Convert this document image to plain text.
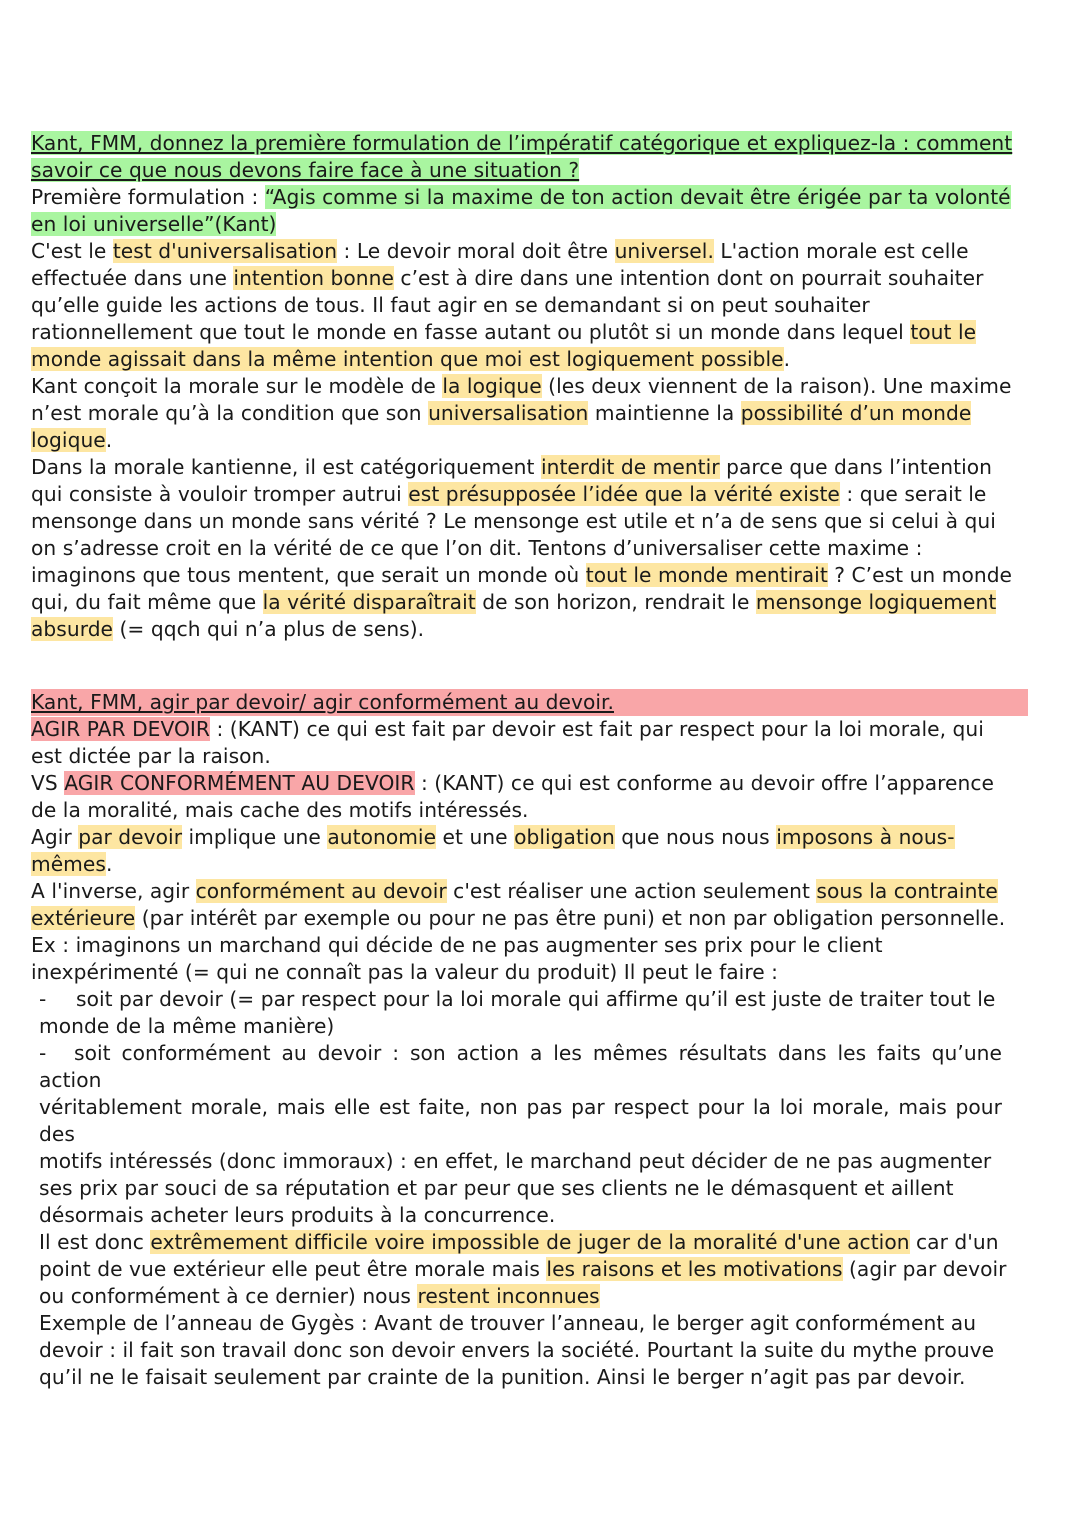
Kant, FMM, donnez la première formulation de l’impératif catégorique et expliquez-la : comment
savoir ce que nous devons faire face à une situation ?
Première formulation : “Agis comme si la maxime de ton action devait être érigée par ta volonté
en loi universelle”(Kant)

C'est le test d'universalisation : Le devoir moral doit être universel. L'action morale est celle
effectuée dans une intention bonne c’est à dire dans une intention dont on pourrait souhaiter
qu’elle guide les actions de tous. Il faut agir en se demandant si on peut souhaiter
rationnellement que tout le monde en fasse autant ou plutôt si un monde dans lequel tout le
monde agissait dans la même intention que moi est logiquement possible.

Kant conçoit la morale sur le modèle de la logique (les deux viennent de la raison). Une maxime
n’est morale qu’à la condition que son universalisation maintienne la possibilité d’un monde
logique.

Dans la morale kantienne, il est catégoriquement interdit de mentir parce que dans l’intention
qui consiste à vouloir tromper autrui est présupposée l’idée que la vérité existe : que serait le
mensonge dans un monde sans vérité ? Le mensonge est utile et n’a de sens que si celui à qui
on s’adresse croit en la vérité de ce que l’on dit. Tentons d’universaliser cette maxime :
imaginons que tous mentent, que serait un monde où tout le monde mentirait ? C’est un monde
qui, du fait même que la vérité disparaîtrait de son horizon, rendrait le mensonge logiquement
absurde (= qqch qui n’a plus de sens).

Kant, FMM, agir par devoir/ agir conformément au devoir.

AGIR PAR DEVOIR : (KANT) ce qui est fait par devoir est fait par respect pour la loi morale, qui
est dictée par la raison.

VS AGIR CONFORMÉMENT AU DEVOIR : (KANT) ce qui est conforme au devoir offre l’apparence
de la moralité, mais cache des motifs intéressés.

Agir par devoir implique une autonomie et une obligation que nous nous imposons à nous-
mêmes.

A l'inverse, agir conformément au devoir c'est réaliser une action seulement sous la contrainte
extérieure (par intérêt par exemple ou pour ne pas être puni) et non par obligation personnelle.
Ex : imaginons un marchand qui décide de ne pas augmenter ses prix pour le client
inexpérimenté (= qui ne connaît pas la valeur du produit) Il peut le faire :

- soit par devoir (= par respect pour la loi morale qui affirme qu’il est juste de traiter tout le
monde de la même manière)

- soit conformément au devoir : son action a les mêmes résultats dans les faits qu’une action
véritablement morale, mais elle est faite, non pas par respect pour la loi morale, mais pour des
motifs intéressés (donc immoraux) : en effet, le marchand peut décider de ne pas augmenter
ses prix par souci de sa réputation et par peur que ses clients ne le démasquent et aillent
désormais acheter leurs produits à la concurrence.

Il est donc extrêmement difficile voire impossible de juger de la moralité d'une action car d'un
point de vue extérieur elle peut être morale mais les raisons et les motivations (agir par devoir
ou conformément à ce dernier) nous restent inconnues

Exemple de l’anneau de Gygès : Avant de trouver l’anneau, le berger agit conformément au
devoir : il fait son travail donc son devoir envers la société. Pourtant la suite du mythe prouve
qu’il ne le faisait seulement par crainte de la punition. Ainsi le berger n’agit pas par devoir.
